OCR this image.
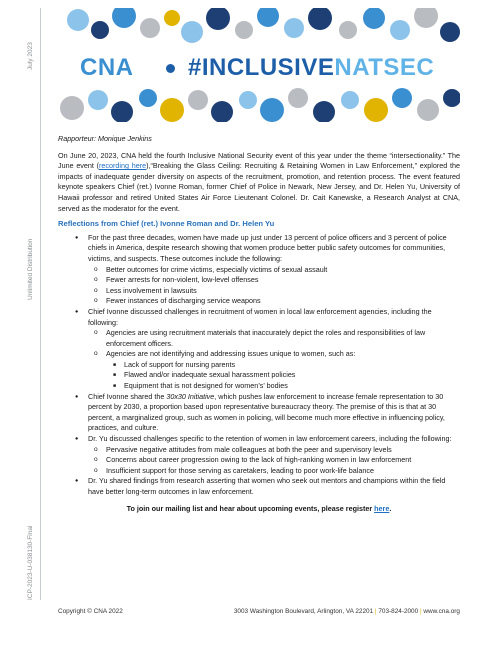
July 2023
Unlimited Distribution
ICP-2023-U-038130-Final
CNA #INCLUSIVENATSEC
Rapporteur: Monique Jenkins

On June 20, 2023, CNA held the fourth Inclusive National Security event of this year under the theme “intersectionality.” The June event (recording here),“Breaking the Glass Ceiling: Recruiting & Retaining Women in Law Enforcement,” explored the impacts of inadequate gender diversity on aspects of the recruitment, promotion, and retention process. The event featured keynote speakers Chief (ret.) Ivonne Roman, former Chief of Police in Newark, New Jersey, and Dr. Helen Yu, University of Hawaii professor and retired United States Air Force Lieutenant Colonel. Dr. Cait Kanewske, a Research Analyst at CNA, served as the moderator for the event.

Reflections from Chief (ret.) Ivonne Roman and Dr. Helen Yu
● For the past three decades, women have made up just under 13 percent of police officers and 3 percent of police chiefs in America, despite research showing that women produce better public safety outcomes for communities, victims, and suspects. These outcomes include the following:
o Better outcomes for crime victims, especially victims of sexual assault
o Fewer arrests for non-violent, low-level offenses
o Less involvement in lawsuits
o Fewer instances of discharging service weapons
● Chief Ivonne discussed challenges in recruitment of women in local law enforcement agencies, including the following:
o Agencies are using recruitment materials that inaccurately depict the roles and responsibilities of law enforcement officers.
o Agencies are not identifying and addressing issues unique to women, such as:
■ Lack of support for nursing parents
■ Flawed and/or inadequate sexual harassment policies
■ Equipment that is not designed for women’s’ bodies
● Chief Ivonne shared the 30x30 Initiative, which pushes law enforcement to increase female representation to 30 percent by 2030, a proportion based upon representative bureaucracy theory. The premise of this is that at 30 percent, a marginalized group, such as women in policing, will become much more effective in influencing policy, practices, and culture.
● Dr. Yu discussed challenges specific to the retention of women in law enforcement careers, including the following:
o Pervasive negative attitudes from male colleagues at both the peer and supervisory levels
o Concerns about career progression owing to the lack of high-ranking women in law enforcement
o Insufficient support for those serving as caretakers, leading to poor work-life balance
● Dr. Yu shared findings from research asserting that women who seek out mentors and champions within the field have better long-term outcomes in law enforcement.
To join our mailing list and hear about upcoming events, please register here.
Copyright © CNA 2022	3003 Washington Boulevard, Arlington, VA 22201 | 703-824-2000 | www.cna.org
